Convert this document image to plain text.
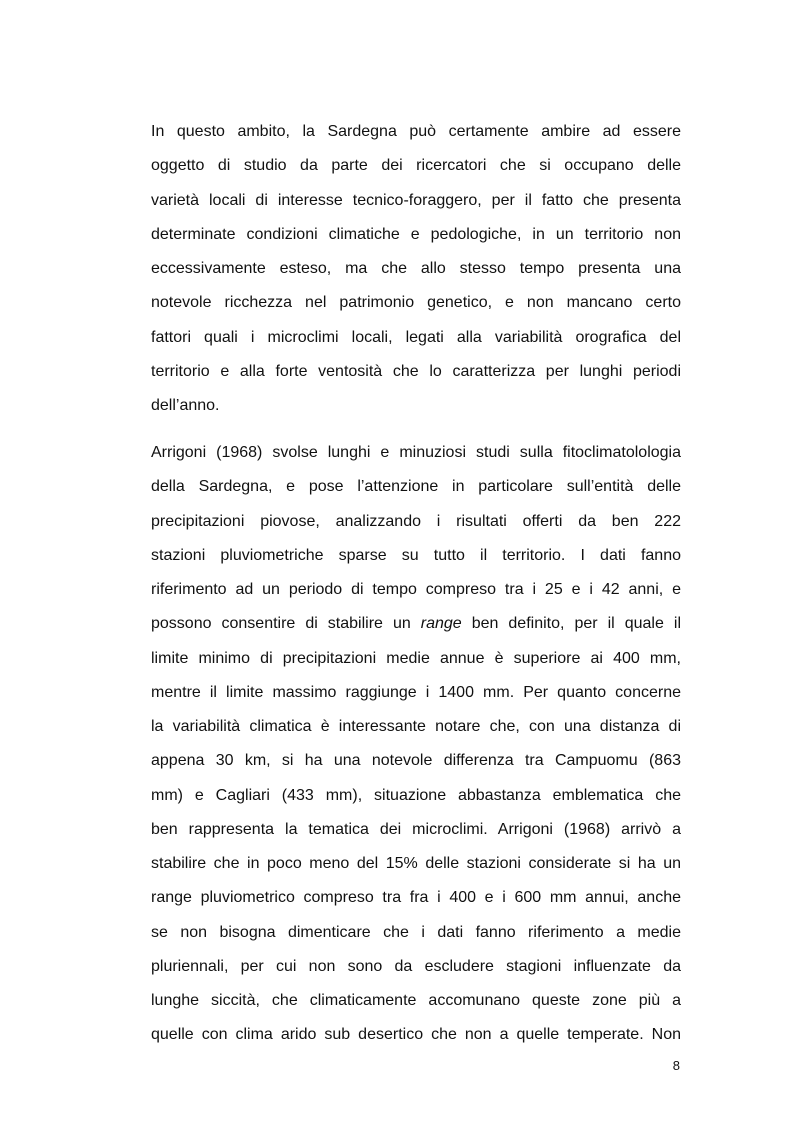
In questo ambito, la Sardegna può certamente ambire ad essere
oggetto di studio da parte dei ricercatori che si occupano delle
varietà locali di interesse tecnico-foraggero, per il fatto che presenta
determinate condizioni climatiche e pedologiche, in un territorio non
eccessivamente esteso, ma che allo stesso tempo presenta una
notevole ricchezza nel patrimonio genetico, e non mancano certo
fattori quali i microclimi locali, legati alla variabilità orografica del
territorio e alla forte ventosità che lo caratterizza per lunghi periodi
dell’anno.
Arrigoni (1968) svolse lunghi e minuziosi studi sulla fitoclimatolologia
della Sardegna, e pose l’attenzione in particolare sull’entità delle
precipitazioni piovose, analizzando i risultati offerti da ben 222
stazioni pluviometriche sparse su tutto il territorio. I dati fanno
riferimento ad un periodo di tempo compreso tra i 25 e i 42 anni, e
possono consentire di stabilire un range ben definito, per il quale il
limite minimo di precipitazioni medie annue è superiore ai 400 mm,
mentre il limite massimo raggiunge i 1400 mm. Per quanto concerne
la variabilità climatica è interessante notare che, con una distanza di
appena 30 km, si ha una notevole differenza tra Campuomu (863
mm) e Cagliari (433 mm), situazione abbastanza emblematica che
ben rappresenta la tematica dei microclimi. Arrigoni (1968) arrivò a
stabilire che in poco meno del 15% delle stazioni considerate si ha un
range pluviometrico compreso tra fra i 400 e i 600 mm annui, anche
se non bisogna dimenticare che i dati fanno riferimento a medie
pluriennali, per cui non sono da escludere stagioni influenzate da
lunghe siccità, che climaticamente accomunano queste zone più a
quelle con clima arido sub desertico che non a quelle temperate. Non
8
